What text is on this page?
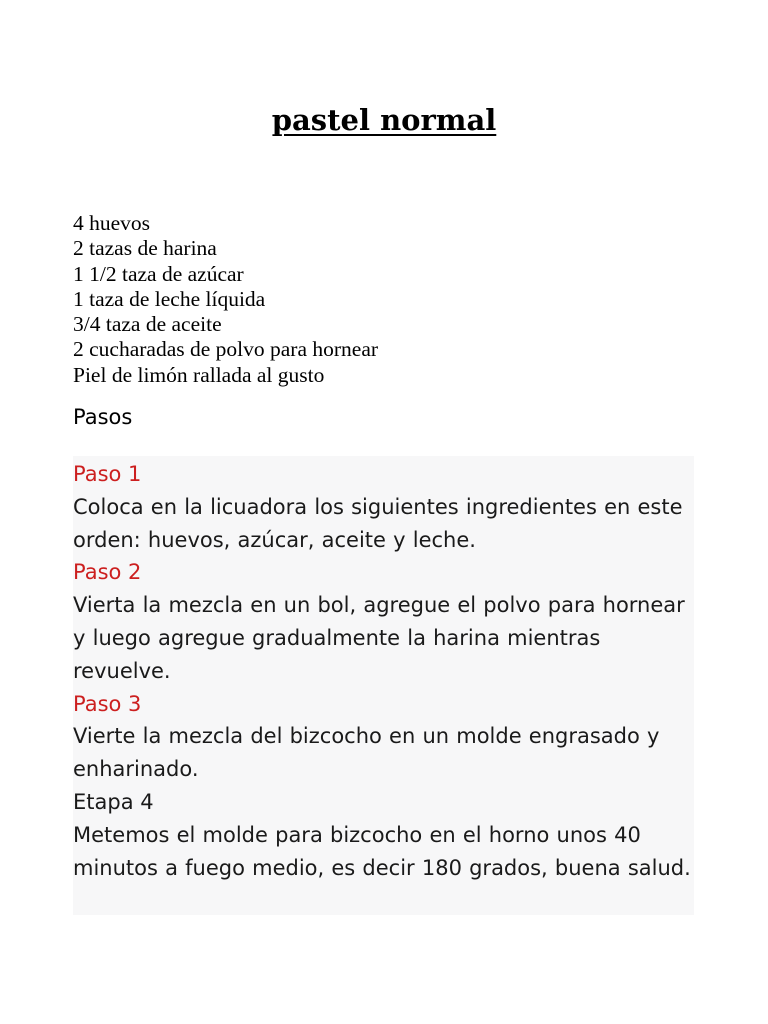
pastel normal
4 huevos
2 tazas de harina
1 1/2 taza de azúcar
1 taza de leche líquida
3/4 taza de aceite
2 cucharadas de polvo para hornear
Piel de limón rallada al gusto
Pasos
Paso 1
Coloca en la licuadora los siguientes ingredientes en este orden: huevos, azúcar, aceite y leche.
Paso 2
Vierta la mezcla en un bol, agregue el polvo para hornear y luego agregue gradualmente la harina mientras revuelve.
Paso 3
Vierte la mezcla del bizcocho en un molde engrasado y enharinado.
Etapa 4
Metemos el molde para bizcocho en el horno unos 40 minutos a fuego medio, es decir 180 grados, buena salud.
